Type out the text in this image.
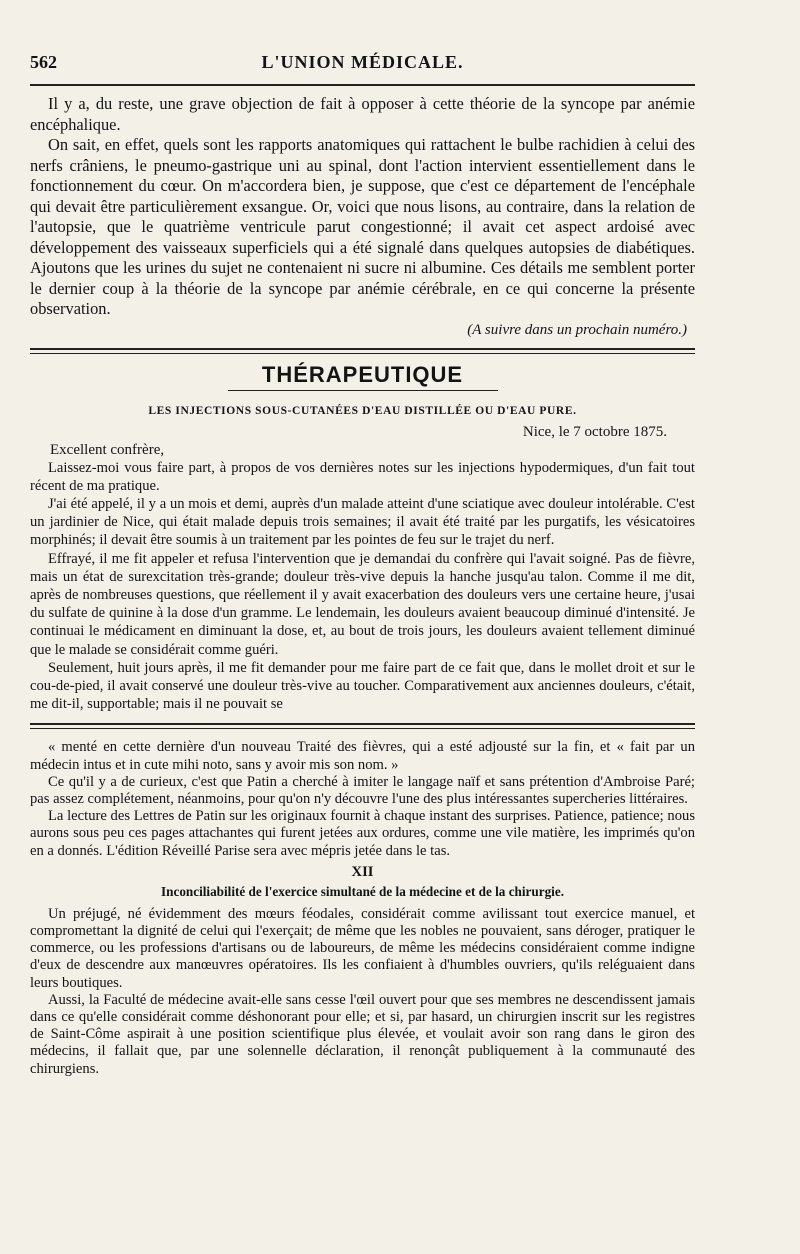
562	L'UNION MÉDICALE.

Il y a, du reste, une grave objection de fait à opposer à cette théorie de la syncope par anémie encéphalique.

On sait, en effet, quels sont les rapports anatomiques qui rattachent le bulbe rachidien à celui des nerfs crâniens, le pneumo-gastrique uni au spinal, dont l'action intervient essentiellement dans le fonctionnement du cœur. On m'accordera bien, je suppose, que c'est ce département de l'encéphale qui devait être particulièrement exsangue. Or, voici que nous lisons, au contraire, dans la relation de l'autopsie, que le quatrième ventricule parut congestionné; il avait cet aspect ardoisé avec développement des vaisseaux superficiels qui a été signalé dans quelques autopsies de diabétiques. Ajoutons que les urines du sujet ne contenaient ni sucre ni albumine. Ces détails me semblent porter le dernier coup à la théorie de la syncope par anémie cérébrale, en ce qui concerne la présente observation.

(A suivre dans un prochain numéro.)
THÉRAPEUTIQUE
LES INJECTIONS SOUS-CUTANÉES D'EAU DISTILLÉE OU D'EAU PURE.
Nice, le 7 octobre 1875.
Excellent confrère,

Laissez-moi vous faire part, à propos de vos dernières notes sur les injections hypodermiques, d'un fait tout récent de ma pratique.

J'ai été appelé, il y a un mois et demi, auprès d'un malade atteint d'une sciatique avec douleur intolérable. C'est un jardinier de Nice, qui était malade depuis trois semaines; il avait été traité par les purgatifs, les vésicatoires morphinés; il devait être soumis à un traitement par les pointes de feu sur le trajet du nerf.

Effrayé, il me fit appeler et refusa l'intervention que je demandai du confrère qui l'avait soigné. Pas de fièvre, mais un état de surexcitation très-grande; douleur très-vive depuis la hanche jusqu'au talon. Comme il me dit, après de nombreuses questions, que réellement il y avait exacerbation des douleurs vers une certaine heure, j'usai du sulfate de quinine à la dose d'un gramme. Le lendemain, les douleurs avaient beaucoup diminué d'intensité. Je continuai le médicament en diminuant la dose, et, au bout de trois jours, les douleurs avaient tellement diminué que le malade se considérait comme guéri.

Seulement, huit jours après, il me fit demander pour me faire part de ce fait que, dans le mollet droit et sur le cou-de-pied, il avait conservé une douleur très-vive au toucher. Comparativement aux anciennes douleurs, c'était, me dit-il, supportable; mais il ne pouvait se

« menté en cette dernière d'un nouveau Traité des fièvres, qui a esté adjousté sur la fin, et « fait par un médecin intus et in cute mihi noto, sans y avoir mis son nom. »

Ce qu'il y a de curieux, c'est que Patin a cherché à imiter le langage naïf et sans prétention d'Ambroise Paré; pas assez complétement, néanmoins, pour qu'on n'y découvre l'une des plus intéressantes supercheries littéraires.

La lecture des Lettres de Patin sur les originaux fournit à chaque instant des surprises. Patience, patience; nous aurons sous peu ces pages attachantes qui furent jetées aux ordures, comme une vile matière, les imprimés qu'on en a donnés. L'édition Réveillé Parise sera avec mépris jetée dans le tas.

XII
Inconciliabilité de l'exercice simultané de la médecine et de la chirurgie.

Un préjugé, né évidemment des mœurs féodales, considérait comme avilissant tout exercice manuel, et compromettant la dignité de celui qui l'exerçait; de même que les nobles ne pouvaient, sans déroger, pratiquer le commerce, ou les professions d'artisans ou de laboureurs, de même les médecins considéraient comme indigne d'eux de descendre aux manœuvres opératoires. Ils les confiaient à d'humbles ouvriers, qu'ils reléguaient dans leurs boutiques.

Aussi, la Faculté de médecine avait-elle sans cesse l'œil ouvert pour que ses membres ne descendissent jamais dans ce qu'elle considérait comme déshonorant pour elle; et si, par hasard, un chirurgien inscrit sur les registres de Saint-Côme aspirait à une position scientifique plus élevée, et voulait avoir son rang dans le giron des médecins, il fallait que, par une solennelle déclaration, il renonçât publiquement à la communauté des chirurgiens.
